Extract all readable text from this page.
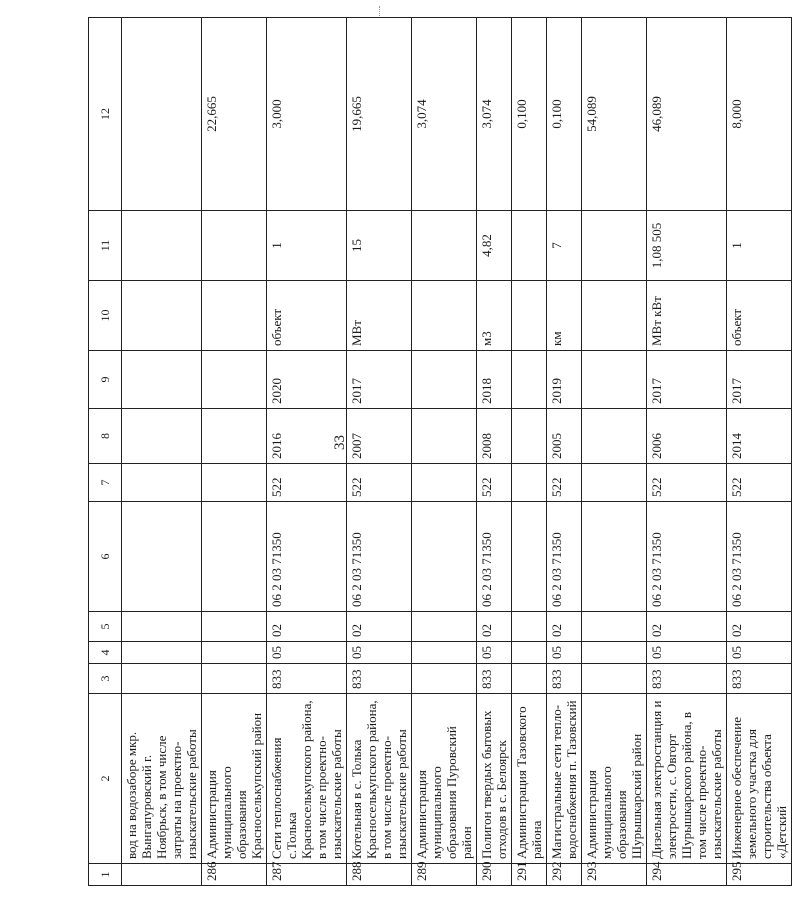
33
1	2	3	4	5	6	7	8	9	10	11	12
	вод на водозаборе мкр. Вынгапуровский г. Ноябрьск, в том числе затраты на проектно-изыскательские работы										
286	Администрация муниципального образования Красноселькупский район										22,665
287	Сети теплоснабжения с.Толька Красноселькупского района, в том числе проектно-изыскательские работы	833	05	02	06 2 03 71350	522	2016	2020	объект	1	3,000
288	Котельная в с. Толька Красноселькупского района, в том числе проектно-изыскательские работы	833	05	02	06 2 03 71350	522	2007	2017	МВт	15	19,665
289	Администрация муниципального образования Пуровский район										3,074
290	Полигон твердых бытовых отходов в с. Белоярск	833	05	02	06 2 03 71350	522	2008	2018	м3	4,82	3,074
291	Администрация Тазовского района										0,100
292	Магистральные сети тепло-водоснабжения п. Тазовский	833	05	02	06 2 03 71350	522	2005	2019	км	7	0,100
293	Администрация муниципального образования Шурышкарский район										54,089
294	Дизельная электростанция и электросети, с. Овгорт Шурышкарского района, в том числе проектно-изыскательские работы	833	05	02	06 2 03 71350	522	2006	2017	МВт кВт	1,08 505	46,089
295	Инженерное обеспечение земельного участка для строительства объекта «Детский	833	05	02	06 2 03 71350	522	2014	2017	объект	1	8,000
